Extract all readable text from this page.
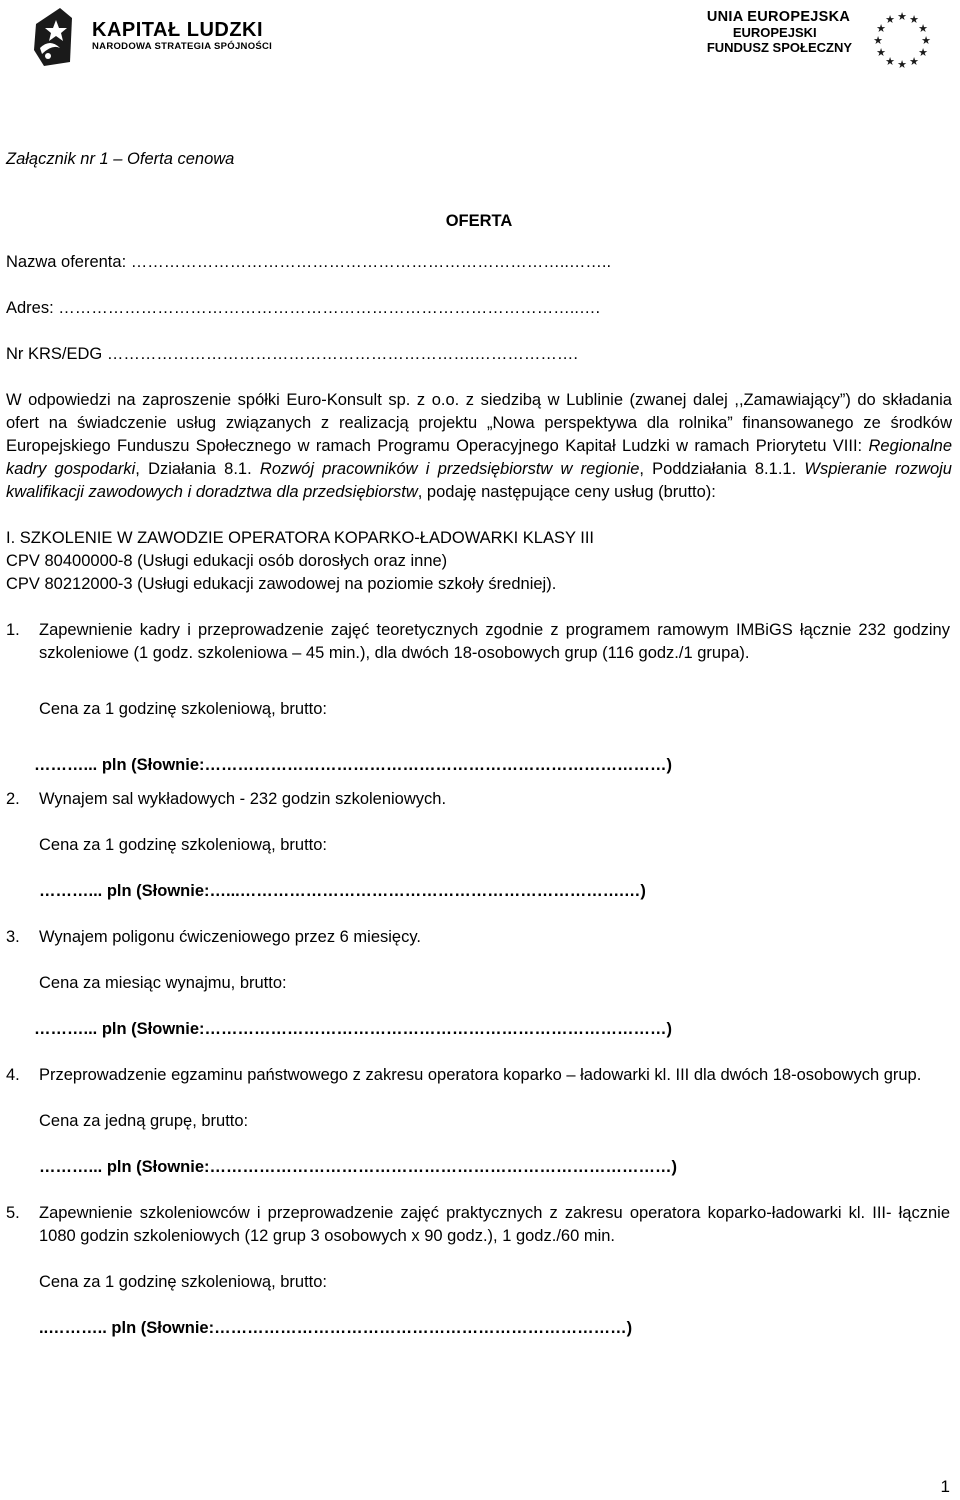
KAPITAŁ LUDZKI
NARODOWA STRATEGIA SPÓJNOŚCI
UNIA EUROPEJSKA
EUROPEJSKI
FUNDUSZ SPOŁECZNY
★ ★
★
★
★
★
★
★
★
★
★
★

Załącznik nr 1 – Oferta cenowa

OFERTA

Nazwa oferenta: ……………………………………………………………………..……..

Adres: …………………………………………………………………………………..….

Nr KRS/EDG ………………………………………………………….……………….

W odpowiedzi na zaproszenie spółki Euro-Konsult sp. z o.o. z siedzibą w Lublinie (zwanej dalej ,,Zamawiający”) do składania ofert na świadczenie usług związanych z realizacją projektu „Nowa perspektywa dla rolnika” finansowanego ze środków Europejskiego Funduszu Społecznego w ramach Programu Operacyjnego Kapitał Ludzki w ramach Priorytetu VIII: Regionalne kadry gospodarki, Działania 8.1. Rozwój pracowników i przedsiębiorstw w regionie, Poddziałania 8.1.1. Wspieranie rozwoju kwalifikacji zawodowych i doradztwa dla przedsiębiorstw, podaję następujące ceny usług (brutto):

I. SZKOLENIE W ZAWODZIE OPERATORA KOPARKO-ŁADOWARKI KLASY III

CPV 80400000-8 (Usługi edukacji osób dorosłych oraz inne)

CPV 80212000-3 (Usługi edukacji zawodowej na poziomie szkoły średniej).

1.	Zapewnienie kadry i przeprowadzenie zajęć teoretycznych zgodnie z programem ramowym IMBiGS łącznie 232 godziny szkoleniowe (1 godz. szkoleniowa – 45 min.), dla dwóch 18-osobowych grup (116 godz./1 grupa).

Cena za 1 godzinę szkoleniową, brutto:

………... pln (Słownie:…………………………………………………………………………)

2.	Wynajem sal wykładowych - 232 godzin szkoleniowych.

Cena za 1 godzinę szkoleniową, brutto:

………... pln (Słownie:…...…………………………………………………………….…)

3.	Wynajem poligonu ćwiczeniowego przez 6 miesięcy.

Cena za miesiąc wynajmu, brutto:

………... pln (Słownie:…………………………………………………………………………)

4.	Przeprowadzenie egzaminu państwowego z zakresu operatora koparko – ładowarki kl. III dla dwóch 18-osobowych grup.

Cena za jedną grupę, brutto:

………... pln (Słownie:…………………………………………………………………………)

5.	Zapewnienie szkoleniowców i przeprowadzenie zajęć praktycznych z zakresu operatora koparko-ładowarki kl. III- łącznie 1080 godzin szkoleniowych (12 grup 3 osobowych x 90 godz.), 1 godz./60 min.

Cena za 1 godzinę szkoleniową, brutto:

..……….. pln (Słownie:…………………………………………………………………)

1
